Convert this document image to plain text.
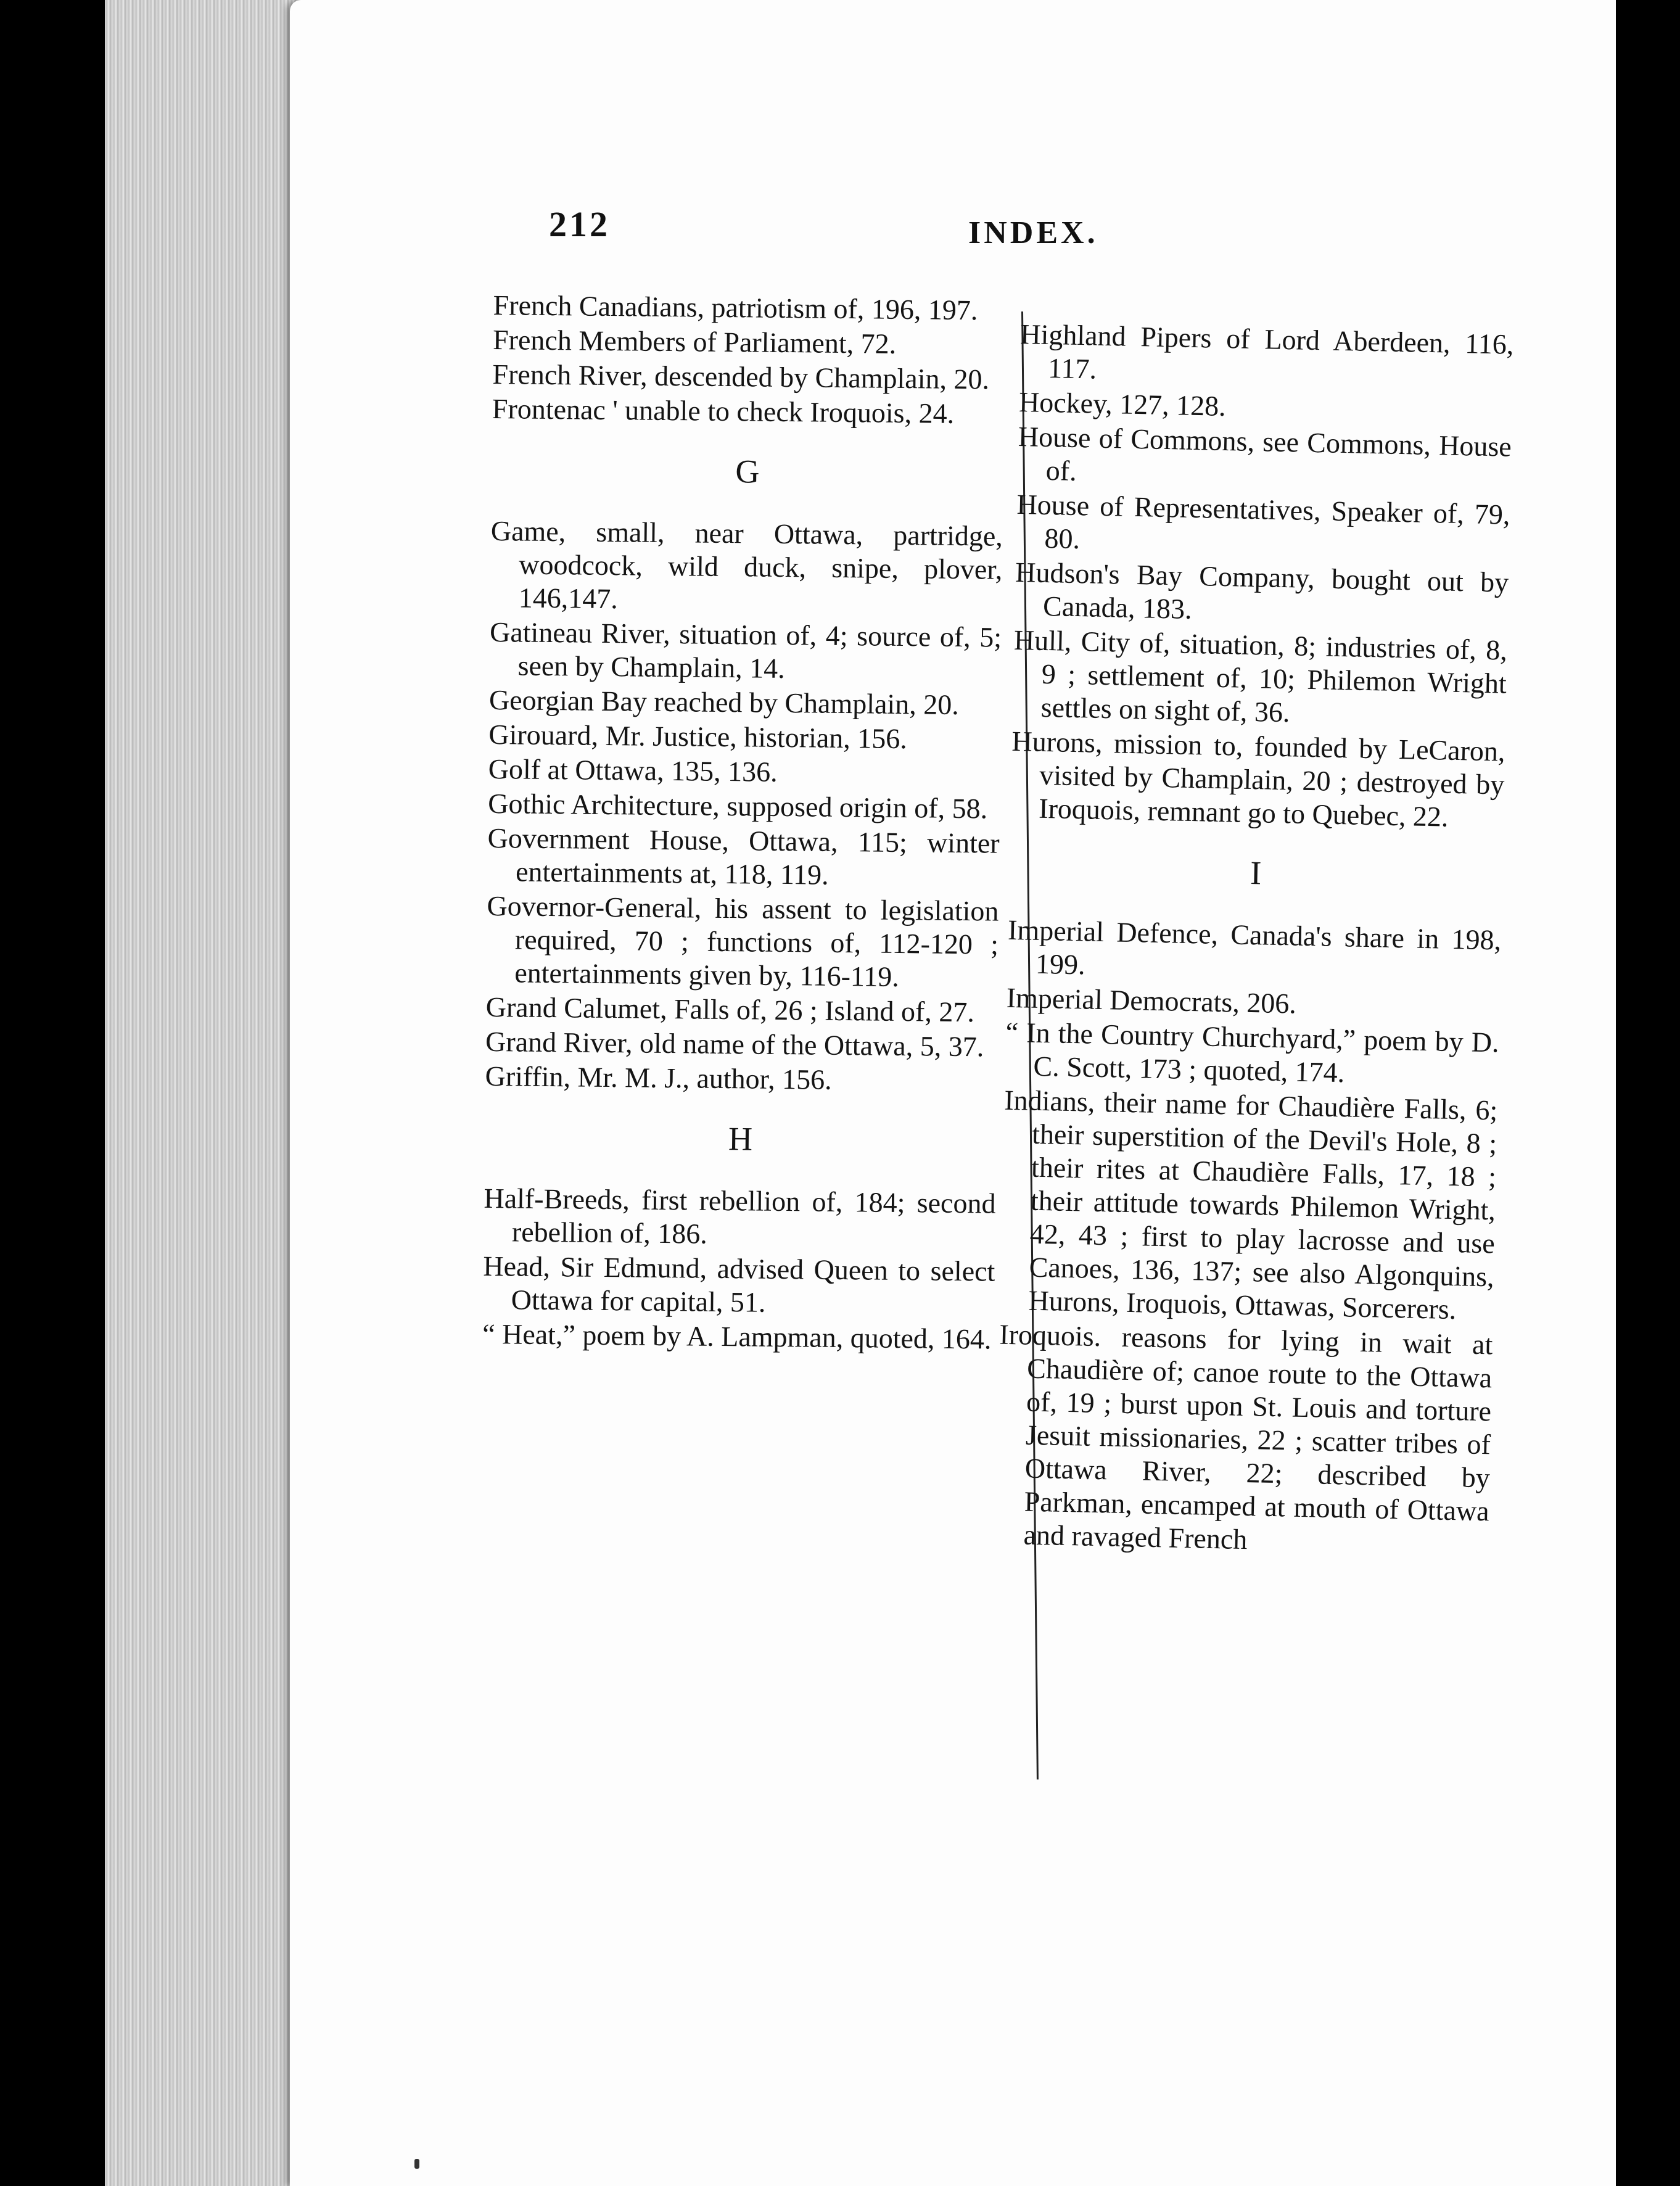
212	INDEX.

French Canadians, patriotism of, 196, 197.

French Members of Parliament, 72.

French River, descended by Champlain, 20.

Frontenac ' unable to check Iroquois, 24.

G

Game, small, near Ottawa, partridge, woodcock, wild duck, snipe, plover, 146,147.

Gatineau River, situation of, 4; source of, 5; seen by Champlain, 14.

Georgian Bay reached by Champlain, 20.

Girouard, Mr. Justice, historian, 156.

Golf at Ottawa, 135, 136.

Gothic Architecture, supposed origin of, 58.

Government House, Ottawa, 115; winter entertainments at, 118, 119.

Governor-General, his assent to legislation required, 70 ; functions of, 112-120 ; entertainments given by, 116-119.

Grand Calumet, Falls of, 26 ; Island of, 27.

Grand River, old name of the Ottawa, 5, 37.

Griffin, Mr. M. J., author, 156.

H

Half-Breeds, first rebellion of, 184; second rebellion of, 186.

Head, Sir Edmund, advised Queen to select Ottawa for capital, 51.

“ Heat,” poem by A. Lampman, quoted, 164.

Highland Pipers of Lord Aberdeen, 116, 117.

Hockey, 127, 128.

House of Commons, see Commons, House of.

House of Representatives, Speaker of, 79, 80.

Hudson's Bay Company, bought out by Canada, 183.

Hull, City of, situation, 8; industries of, 8, 9 ; settlement of, 10; Philemon Wright settles on sight of, 36.

Hurons, mission to, founded by LeCaron, visited by Champlain, 20 ; destroyed by Iroquois, remnant go to Quebec, 22.

I

Imperial Defence, Canada's share in 198, 199.

Imperial Democrats, 206.

“ In the Country Churchyard,” poem by D. C. Scott, 173 ; quoted, 174.

Indians, their name for Chaudière Falls, 6; their superstition of the Devil's Hole, 8 ; their rites at Chaudière Falls, 17, 18 ; their attitude towards Philemon Wright, 42, 43 ; first to play lacrosse and use Canoes, 136, 137; see also Algonquins, Hurons, Iroquois, Ottawas, Sorcerers.

Iroquois. reasons for lying in wait at Chaudière of; canoe route to the Ottawa of, 19 ; burst upon St. Louis and torture Jesuit missionaries, 22 ; scatter tribes of Ottawa River, 22; described by Parkman, encamped at mouth of Ottawa and ravaged French
